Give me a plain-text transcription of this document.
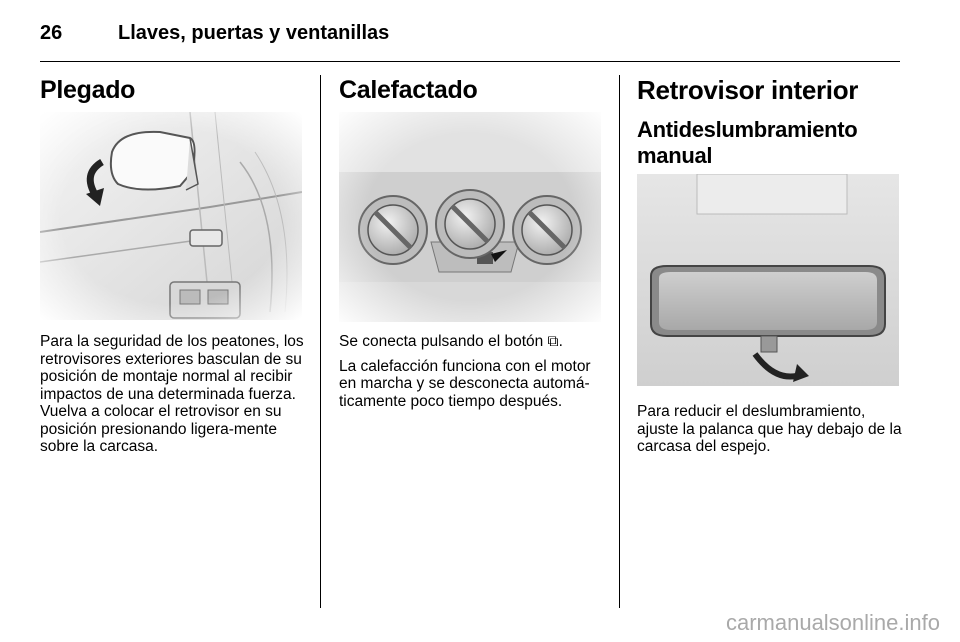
26	Llaves, puertas y ventanillas
Plegado

Para la seguridad de los peatones, los retrovisores exteriores basculan de su posición de montaje normal al recibir impactos de una determinada fuerza. Vuelva a colocar el retrovisor en su posición presionando ligera-mente sobre la carcasa.

Calefactado

Se conecta pulsando el botón ⧉.

La calefacción funciona con el motor en marcha y se desconecta automá-ticamente poco tiempo después.

Retrovisor interior
Antideslumbramiento manual

Para reducir el deslumbramiento, ajuste la palanca que hay debajo de la carcasa del espejo.

carmanualsonline.info
